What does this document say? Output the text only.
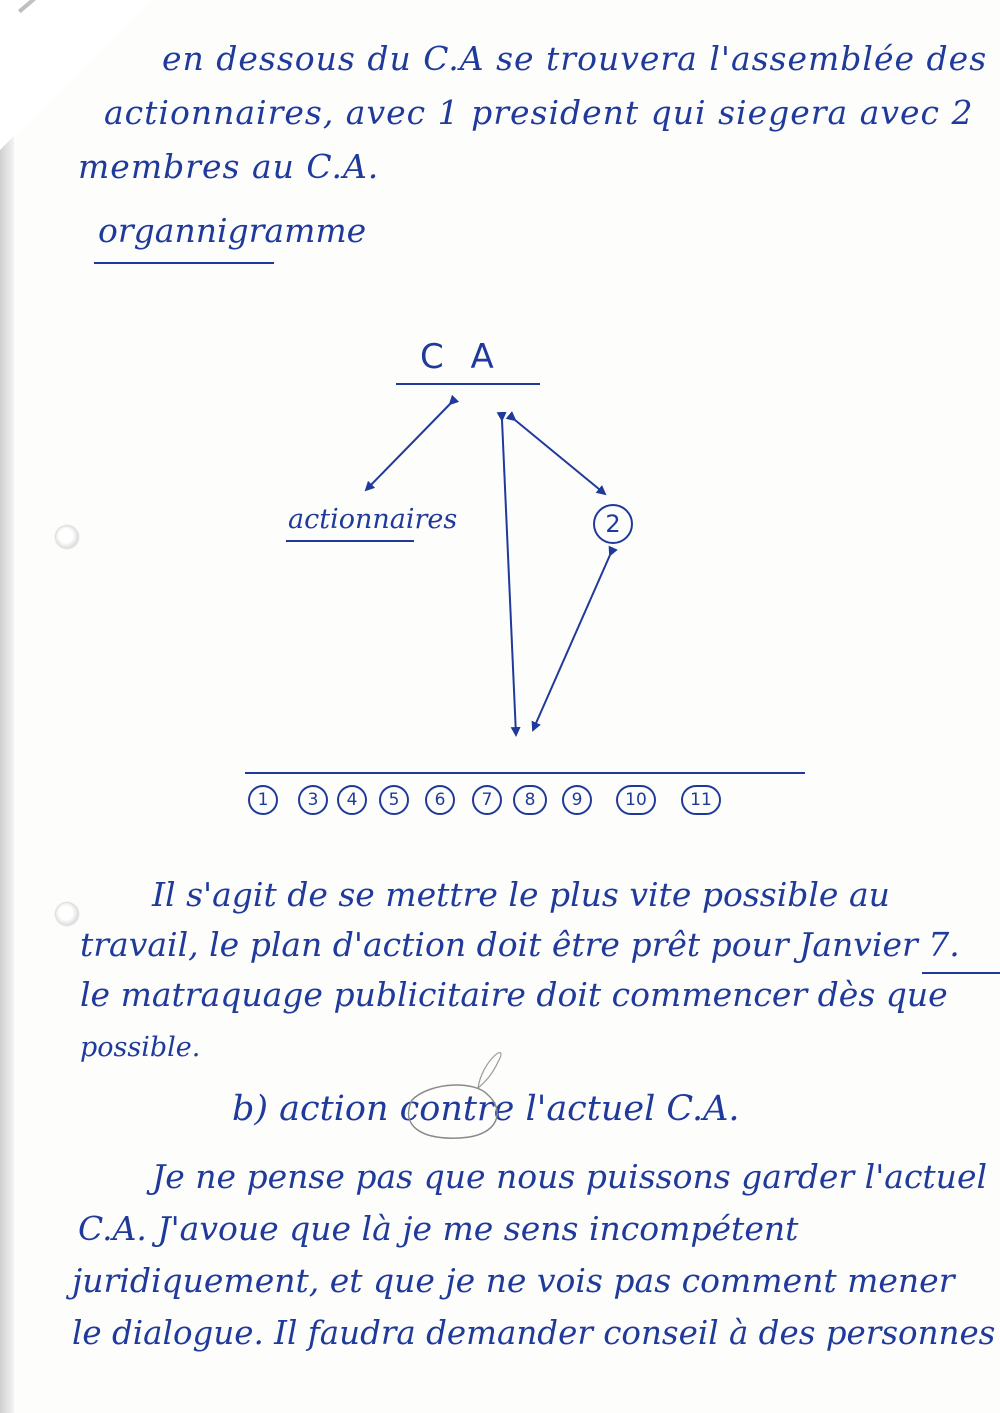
en dessous du C.A se trouvera l'assemblée des
actionnaires, avec 1 president qui siegera avec 2
membres au C.A.
organnigramme
C A
actionnaires	2
1	3	4	5	6	7	8	9	10	11
Il s'agit de se mettre le plus vite possible au
travail, le plan d'action doit être prêt pour Janvier 7.
le matraquage publicitaire doit commencer dès que
possible.
b) action contre l'actuel C.A.
Je ne pense pas que nous puissons garder l'actuel
C.A. J'avoue que là je me sens incompétent
juridiquement, et que je ne vois pas comment mener
le dialogue. Il faudra demander conseil à des personnes
